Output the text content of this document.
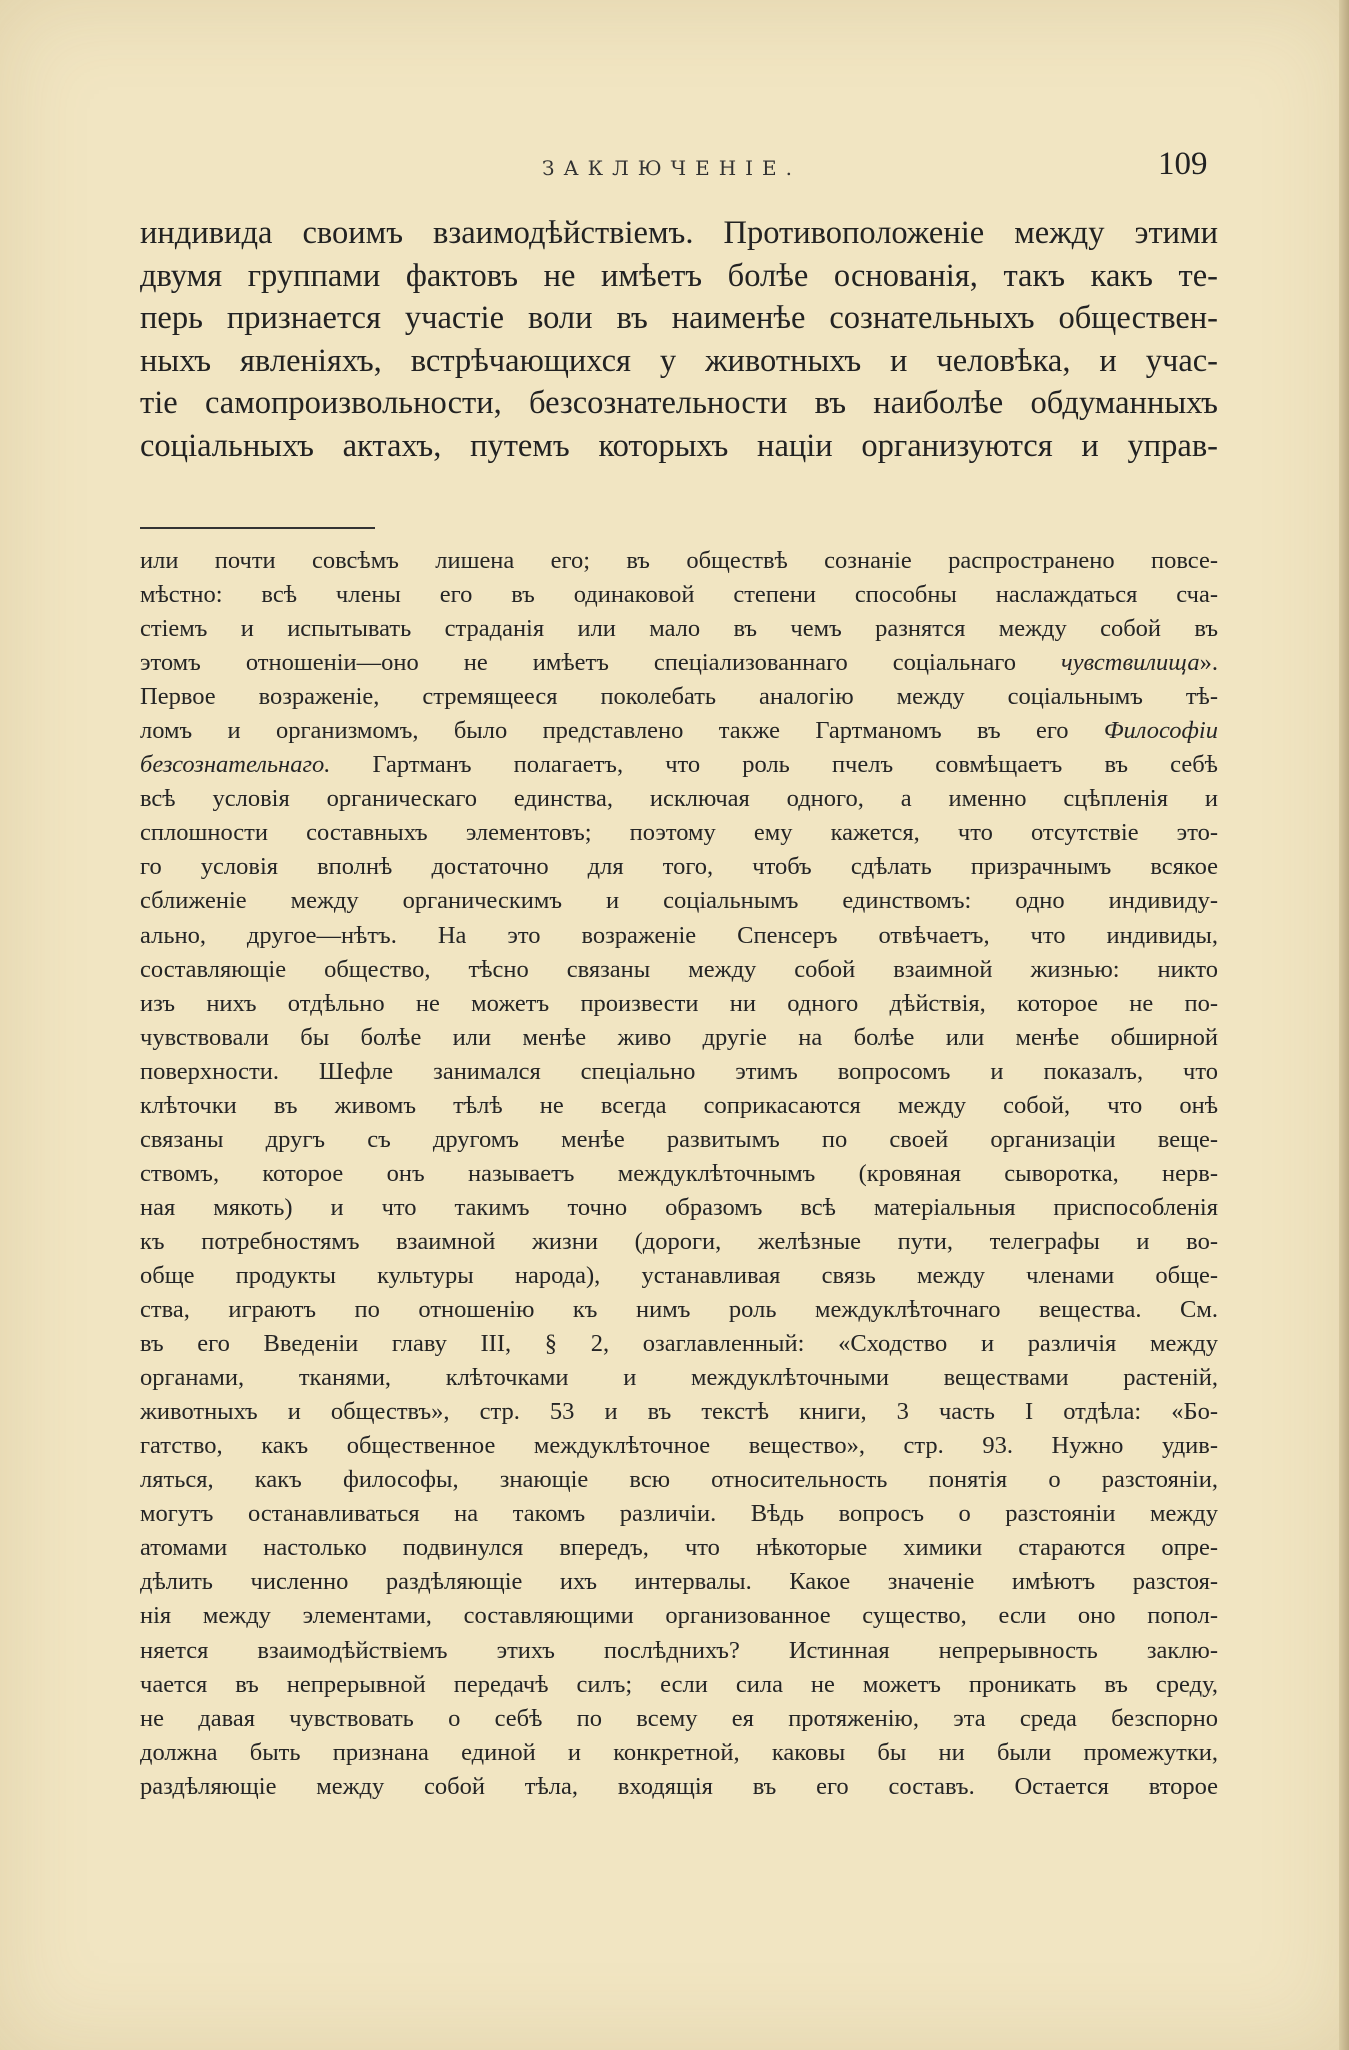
ЗАКЛЮЧЕНІЕ.	109
индивида своимъ взаимодѣйствіемъ. Противоположеніе между этими
двумя группами фактовъ не имѣетъ болѣе основанія, такъ какъ те-
перь признается участіе воли въ наименѣе сознательныхъ обществен-
ныхъ явленіяхъ, встрѣчающихся у животныхъ и человѣка, и учас-
тіе самопроизвольности, безсознательности въ наиболѣе обдуманныхъ
соціальныхъ актахъ, путемъ которыхъ націи организуются и управ-
или почти совсѣмъ лишена его; въ обществѣ сознаніе распространено повсе-
мѣстно: всѣ члены его въ одинаковой степени способны наслаждаться сча-
стіемъ и испытывать страданія или мало въ чемъ разнятся между собой въ
этомъ отношеніи—оно не имѣетъ спеціализованнаго соціальнаго чувствилища».
Первое возраженіе, стремящееся поколебать аналогію между соціальнымъ тѣ-
ломъ и организмомъ, было представлено также Гартманомъ въ его Философіи
безсознательнаго. Гартманъ полагаетъ, что роль пчелъ совмѣщаетъ въ себѣ
всѣ условія органическаго единства, исключая одного, а именно сцѣпленія и
сплошности составныхъ элементовъ; поэтому ему кажется, что отсутствіе это-
го условія вполнѣ достаточно для того, чтобъ сдѣлать призрачнымъ всякое
сближеніе между органическимъ и соціальнымъ единствомъ: одно индивиду-
ально, другое—нѣтъ. На это возраженіе Спенсеръ отвѣчаетъ, что индивиды,
составляющіе общество, тѣсно связаны между собой взаимной жизнью: никто
изъ нихъ отдѣльно не можетъ произвести ни одного дѣйствія, которое не по-
чувствовали бы болѣе или менѣе живо другіе на болѣе или менѣе обширной
поверхности. Шефле занимался спеціально этимъ вопросомъ и показалъ, что
клѣточки въ живомъ тѣлѣ не всегда соприкасаются между собой, что онѣ
связаны другъ съ другомъ менѣе развитымъ по своей организаціи веще-
ствомъ, которое онъ называетъ междуклѣточнымъ (кровяная сыворотка, нерв-
ная мякоть) и что такимъ точно образомъ всѣ матеріальныя приспособленія
къ потребностямъ взаимной жизни (дороги, желѣзные пути, телеграфы и во-
обще продукты культуры народа), устанавливая связь между членами обще-
ства, играютъ по отношенію къ нимъ роль междуклѣточнаго вещества. См.
въ его Введеніи главу III, § 2, озаглавленный: «Сходство и различія между
органами, тканями, клѣточками и междуклѣточными веществами растеній,
животныхъ и обществъ», стр. 53 и въ текстѣ книги, 3 часть I отдѣла: «Бо-
гатство, какъ общественное междуклѣточное вещество», стр. 93. Нужно удив-
ляться, какъ философы, знающіе всю относительность понятія о разстояніи,
могутъ останавливаться на такомъ различіи. Вѣдь вопросъ о разстояніи между
атомами настолько подвинулся впередъ, что нѣкоторые химики стараются опре-
дѣлить численно раздѣляющіе ихъ интервалы. Какое значеніе имѣютъ разстоя-
нія между элементами, составляющими организованное существо, если оно попол-
няется взаимодѣйствіемъ этихъ послѣднихъ? Истинная непрерывность заклю-
чается въ непрерывной передачѣ силъ; если сила не можетъ проникать въ среду,
не давая чувствовать о себѣ по всему ея протяженію, эта среда безспорно
должна быть признана единой и конкретной, каковы бы ни были промежутки,
раздѣляющіе между собой тѣла, входящія въ его составъ. Остается второе
